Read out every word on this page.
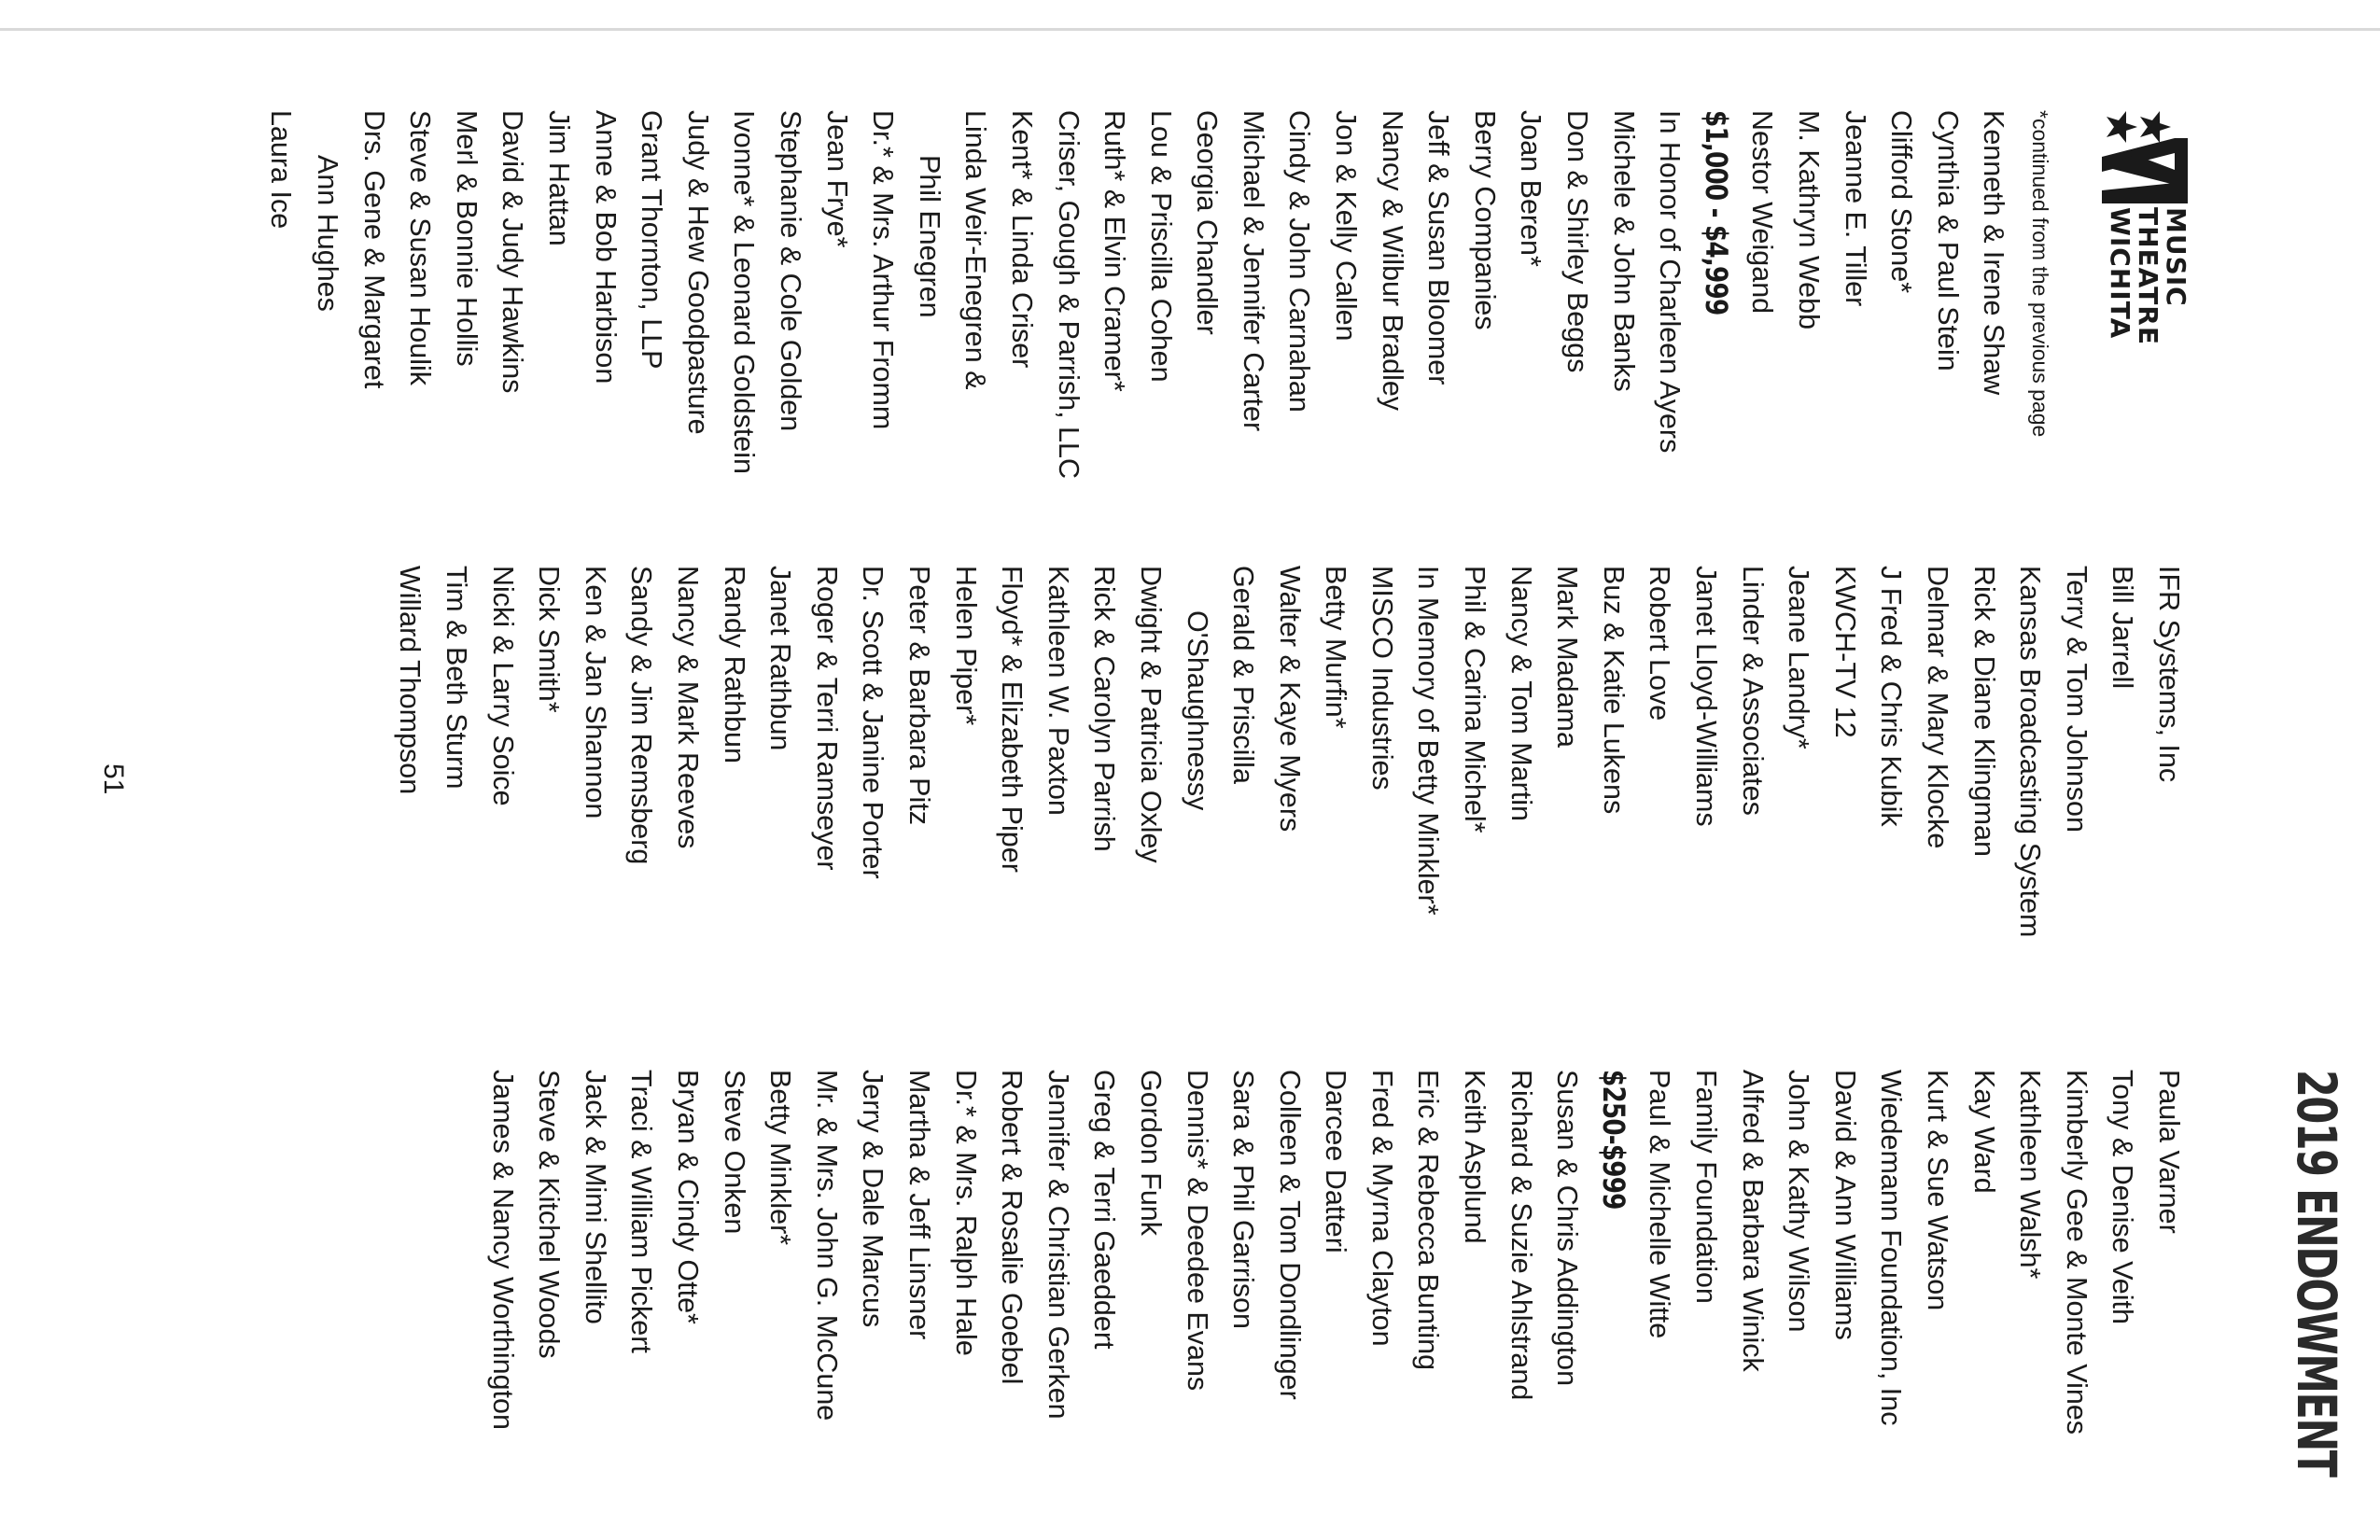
MUSIC
THEATRE
WICHITA
2019 ENDOWMENT
*continued from the previous page
Kenneth & Irene Shaw
Cynthia & Paul Stein
Clifford Stone*
Jeanne E. Tiller
M. Kathryn Webb
Nestor Weigand
$1,000 - $4,999
In Honor of Charleen Ayers
Michele & John Banks
Don & Shirley Beggs
Joan Beren*
Berry Companies
Jeff & Susan Bloomer
Nancy & Wilbur Bradley
Jon & Kelly Callen
Cindy & John Carnahan
Michael & Jennifer Carter
Georgia Chandler
Lou & Priscilla Cohen
Ruth* & Elvin Cramer*
Criser, Gough & Parrish, LLC
Kent* & Linda Criser
Linda Weir-Enegren &
Phil Enegren
Dr.* & Mrs. Arthur Fromm
Jean Frye*
Stephanie & Cole Golden
Ivonne* & Leonard Goldstein
Judy & Hew Goodpasture
Grant Thornton, LLP
Anne & Bob Harbison
Jim Hattan
David & Judy Hawkins
Merl & Bonnie Hollis
Steve & Susan Houlik
Drs. Gene & Margaret
Ann Hughes
Laura Ice
IFR Systems, Inc
Bill Jarrell
Terry & Tom Johnson
Kansas Broadcasting System
Rick & Diane Klingman
Delmar & Mary Klocke
J Fred & Chris Kubik
KWCH-TV 12
Jeane Landry*
Linder & Associates
Janet Lloyd-Williams
Robert Love
Buz & Katie Lukens
Mark Madama
Nancy & Tom Martin
Phil & Carina Michel*
In Memory of Betty Minkler*
MISCO Industries
Betty Murfin*
Walter & Kaye Myers
Gerald & Priscilla
O'Shaughnessy
Dwight & Patricia Oxley
Rick & Carolyn Parrish
Kathleen W. Paxton
Floyd* & Elizabeth Piper
Helen Piper*
Peter & Barbara Pitz
Dr. Scott & Janine Porter
Roger & Terri Ramseyer
Janet Rathbun
Randy Rathbun
Nancy & Mark Reeves
Sandy & Jim Remsberg
Ken & Jan Shannon
Dick Smith*
Nicki & Larry Soice
Tim & Beth Sturm
Willard Thompson
Paula Varner
Tony & Denise Veith
Kimberly Gee & Monte Vines
Kathleen Walsh*
Kay Ward
Kurt & Sue Watson
Wiedemann Foundation, Inc
David & Ann Williams
John & Kathy Wilson
Alfred & Barbara Winick
Family Foundation
Paul & Michelle Witte
$250-$999
Susan & Chris Addington
Richard & Suzie Ahlstrand
Keith Asplund
Eric & Rebecca Bunting
Fred & Myrna Clayton
Darcee Datteri
Colleen & Tom Dondlinger
Sara & Phil Garrison
Dennis* & Deedee Evans
Gordon Funk
Greg & Terri Gaeddert
Jennifer & Christian Gerken
Robert & Rosalie Goebel
Dr.* & Mrs. Ralph Hale
Martha & Jeff Linsner
Jerry & Dale Marcus
Mr. & Mrs. John G. McCune
Betty Minkler*
Steve Onken
Bryan & Cindy Otte*
Traci & William Pickert
Jack & Mimi Shellito
Steve & Kitchel Woods
James & Nancy Worthington
51
